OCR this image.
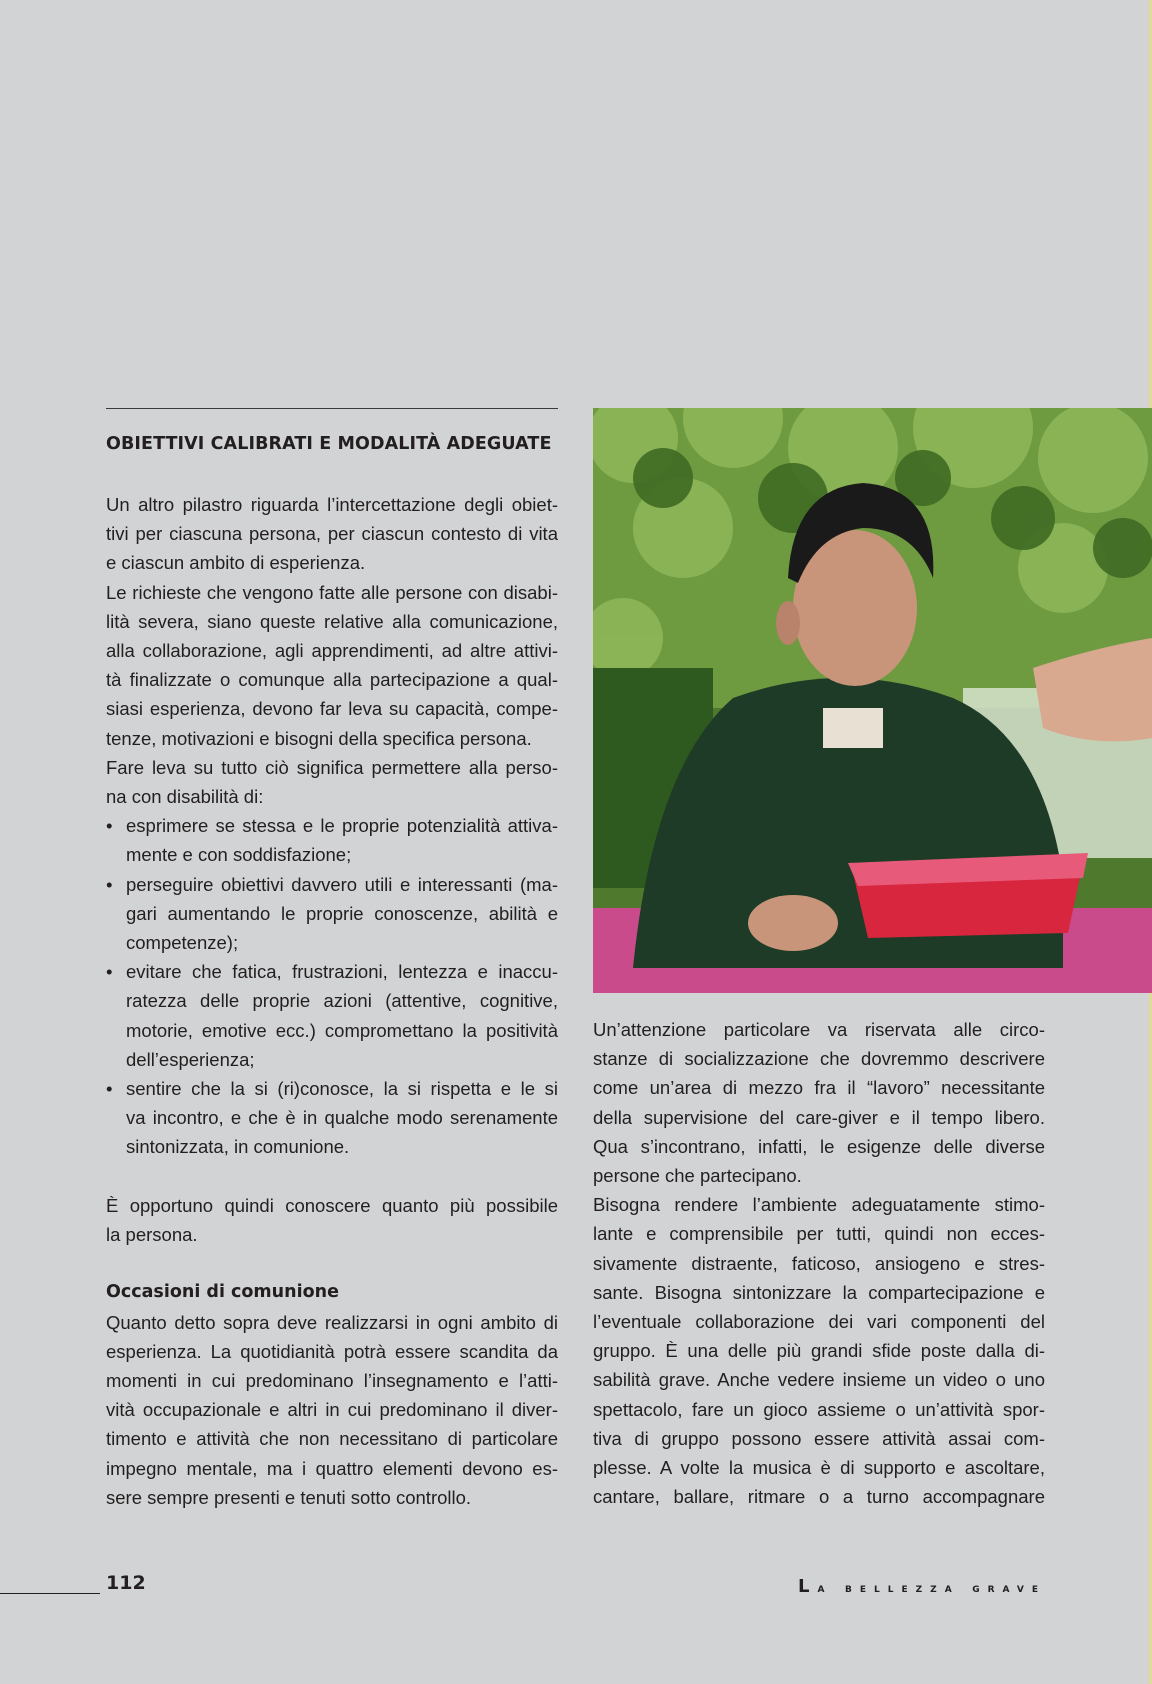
OBIETTIVI CALIBRATI E MODALITÀ ADEGUATE

Un altro pilastro riguarda l’intercettazione degli obiet-

tivi per ciascuna persona, per ciascun contesto di vita

e ciascun ambito di esperienza.

Le richieste che vengono fatte alle persone con disabi-

lità severa, siano queste relative alla comunicazione,

alla collaborazione, agli apprendimenti, ad altre attivi-

tà finalizzate o comunque alla partecipazione a qual-

siasi esperienza, devono far leva su capacità, compe-

tenze, motivazioni e bisogni della specifica persona.

Fare leva su tutto ciò significa permettere alla perso-

na con disabilità di:

• esprimere se stessa e le proprie potenzialità attiva-

mente e con soddisfazione;

• perseguire obiettivi davvero utili e interessanti (ma-

gari aumentando le proprie conoscenze, abilità e

competenze);

• evitare che fatica, frustrazioni, lentezza e inaccu-

ratezza delle proprie azioni (attentive, cognitive,

motorie, emotive ecc.) compromettano la positività

dell’esperienza;

• sentire che la si (ri)conosce, la si rispetta e le si

va incontro, e che è in qualche modo serenamente

sintonizzata, in comunione.

È opportuno quindi conoscere quanto più possibile

la persona.

Occasioni di comunione

Quanto detto sopra deve realizzarsi in ogni ambito di

esperienza. La quotidianità potrà essere scandita da

momenti in cui predominano l’insegnamento e l’atti-

vità occupazionale e altri in cui predominano il diver-

timento e attività che non necessitano di particolare

impegno mentale, ma i quattro elementi devono es-

sere sempre presenti e tenuti sotto controllo.

Un’attenzione particolare va riservata alle circo-

stanze di socializzazione che dovremmo descrivere

come un’area di mezzo fra il “lavoro” necessitante

della supervisione del care-giver e il tempo libero.

Qua s’incontrano, infatti, le esigenze delle diverse

persone che partecipano.

Bisogna rendere l’ambiente adeguatamente stimo-

lante e comprensibile per tutti, quindi non ecces-

sivamente distraente, faticoso, ansiogeno e stres-

sante. Bisogna sintonizzare la compartecipazione e

l’eventuale collaborazione dei vari componenti del

gruppo. È una delle più grandi sfide poste dalla di-

sabilità grave. Anche vedere insieme un video o uno

spettacolo, fare un gioco assieme o un’attività spor-

tiva di gruppo possono essere attività assai com-

plesse. A volte la musica è di supporto e ascoltare,

cantare, ballare, ritmare o a turno accompagnare

112	La bellezza grave
